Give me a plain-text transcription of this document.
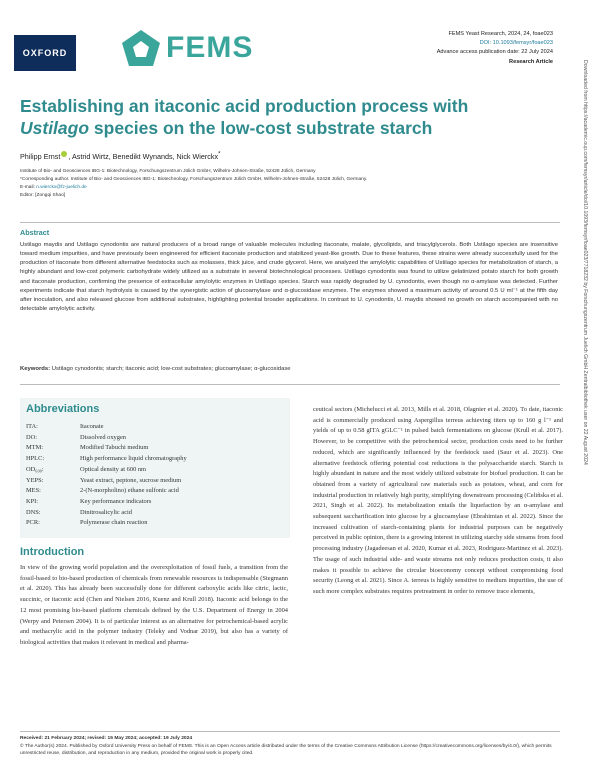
OXFORD	FEMS	FEMS Yeast Research, 2024, 24, foae023
DOI: 10.1093/femsyr/foae023
Advance access publication date: 22 July 2024
Research Article	Downloaded from https://academic.oup.com/femsyr/article/doi/10.1093/femsyr/foae023/7718232 by Forschungszentrum Juelich GmbH Zentralbibliothek user on 22 August 2024
Establishing an itaconic acid production process with
Ustilago species on the low-cost substrate starch
Philipp Ernst , Astrid Wirtz, Benedikt Wynands, Nick Wierckx*
Institute of Bio- and Geosciences IBG-1: Biotechnology, Forschungszentrum Jülich GmbH, Wilhelm-Johnen-Straße, 52428 Jülich, Germany
*Corresponding author. Institute of Bio- and Geosciences IBG-1: Biotechnology, Forschungszentrum Jülich GmbH, Wilhelm-Johnen-Straße, 52428 Jülich, Germany.
E-mail: n.wierckx@fz-juelich.de
Editor: [Zongqi Shao]
Abstract
Ustilago maydis and Ustilago cynodontis are natural producers of a broad range of valuable molecules including itaconate, malate, glycolipids, and triacylglycerols. Both Ustilago species are insensitive toward medium impurities, and have previously been engineered for efficient itaconate production and stabilized yeast-like growth. Due to these features, these strains were already successfully used for the production of itaconate from different alternative feedstocks such as molasses, thick juice, and crude glycerol. Here, we analyzed the amylolytic capabilities of Ustilago species for metabolization of starch, a highly abundant and low-cost polymeric carbohydrate widely utilized as a substrate in several biotechnological processes. Ustilago cynodontis was found to utilize gelatinized potato starch for both growth and itaconate production, confirming the presence of extracellular amylolytic enzymes in Ustilago species. Starch was rapidly degraded by U. cynodontis, even though no α-amylase was detected. Further experiments indicate that starch hydrolysis is caused by the synergistic action of glucoamylase and α-glucosidase enzymes. The enzymes showed a maximum activity of around 0.5 U ml⁻¹ at the fifth day after inoculation, and also released glucose from additional substrates, highlighting potential broader applications. In contrast to U. cynodontis, U. maydis showed no growth on starch accompanied with no detectable amylolytic activity.
Keywords: Ustilago cynodontis; starch; itaconic acid; low-cost substrates; glucoamylase; α-glucosidase
Abbreviations
ITA:	Itaconate
DO:	Dissolved oxygen
MTM:	Modified Tabuchi medium
HPLC:	High performance liquid chromatography
OD₆₀₀:	Optical density at 600 nm
YEPS:	Yeast extract, peptone, sucrose medium
MES:	2-(N-morpholino) ethane sulfonic acid
KPI:	Key performance indicators
DNS:	Dinitrosalicylic acid
PCR:	Polymerase chain reaction
Introduction
In view of the growing world population and the overexploitation of fossil fuels, a transition from the fossil-based to bio-based production of chemicals from renewable resources is indispensable (Stegmann et al. 2020). This has already been successfully done for different carboxylic acids like citric, lactic, succinic, or itaconic acid (Chen and Nielsen 2016, Kuenz and Krull 2018). Itaconic acid belongs to the 12 most promising bio-based platform chemicals defined by the U.S. Department of Energy in 2004 (Werpy and Petersen 2004). It is of particular interest as an alternative for petrochemical-based acrylic and methacrylic acid in the polymer industry (Teleky and Vodnar 2019), but also has a variety of biological activities that makes it relevant in medical and pharma-
ceutical sectors (Michelucci et al. 2013, Mills et al. 2018, Olagnier et al. 2020). To date, itaconic acid is commercially produced using Aspergillus terreus achieving titers up to 160 g l⁻¹ and yields of up to 0.58 gITA gGLC⁻¹ in pulsed batch fermentations on glucose (Krull et al. 2017). However, to be competitive with the petrochemical sector, production costs need to be further reduced, which are significantly influenced by the feedstock used (Saur et al. 2023). One alternative feedstock offering potential cost reductions is the polysaccharide starch. Starch is highly abundant in nature and the most widely utilized substrate for biofuel production. It can be obtained from a variety of agricultural raw materials such as potatoes, wheat, and corn for industrial production in relatively high purity, simplifying downstream processing (Celiñska et al. 2021, Singh et al. 2022). Its metabolization entails the liquefaction by an α-amylase and subsequent saccharification into glucose by a glucoamylase (Ebrahimian et al. 2022). Since the increased cultivation of starch-containing plants for industrial purposes can be negatively perceived in public opinion, there is a growing interest in utilizing starchy side streams from food processing industry (Jagadeesan et al. 2020, Kumar et al. 2023, Rodriguez-Martinez et al. 2023). The usage of such industrial side- and waste streams not only reduces production costs, it also makes it possible to achieve the circular bioeconomy concept without compromising food security (Leong et al. 2021). Since A. terreus is highly sensitive to medium impurities, the use of such more complex substrates requires pretreatment in order to remove trace elements,
Received: 21 February 2024; revised: 15 May 2024; accepted: 19 July 2024
© The Author(s) 2024. Published by Oxford University Press on behalf of FEMS. This is an Open Access article distributed under the terms of the Creative Commons Attribution License (https://creativecommons.org/licenses/by/4.0/), which permits unrestricted reuse, distribution, and reproduction in any medium, provided the original work is properly cited.
